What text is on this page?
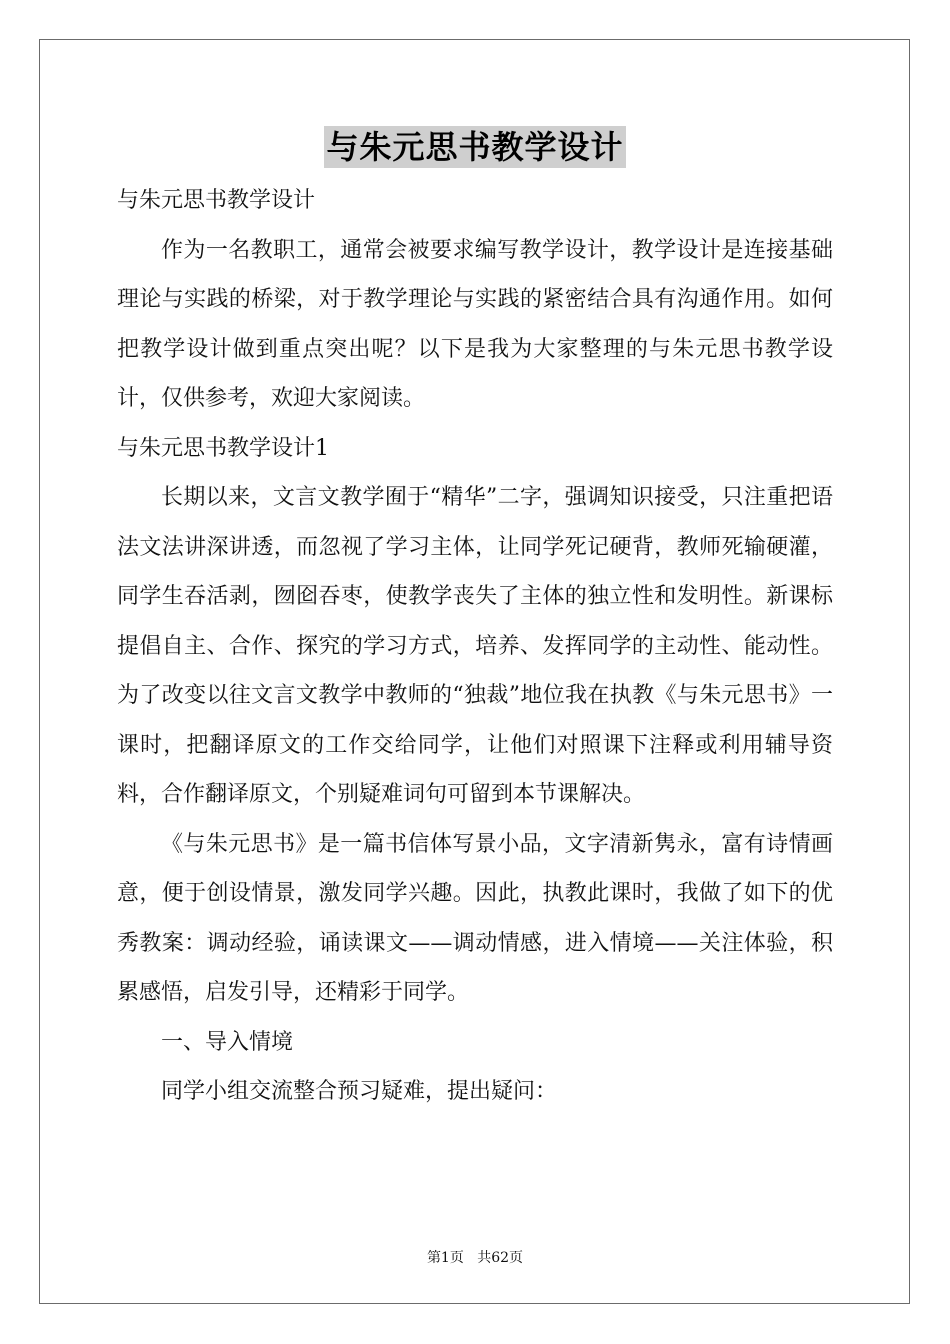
与朱元思书教学设计

与朱元思书教学设计

作为一名教职工，通常会被要求编写教学设计，教学设计是连接基础理论与实践的桥梁，对于教学理论与实践的紧密结合具有沟通作用。如何把教学设计做到重点突出呢？以下是我为大家整理的与朱元思书教学设计，仅供参考，欢迎大家阅读。

与朱元思书教学设计1

长期以来，文言文教学囿于“精华”二字，强调知识接受，只注重把语法文法讲深讲透，而忽视了学习主体，让同学死记硬背，教师死输硬灌，同学生吞活剥，囫囵吞枣，使教学丧失了主体的独立性和发明性。新课标提倡自主、合作、探究的学习方式，培养、发挥同学的主动性、能动性。为了改变以往文言文教学中教师的“独裁”地位我在执教《与朱元思书》一课时，把翻译原文的工作交给同学，让他们对照课下注释或利用辅导资料，合作翻译原文，个别疑难词句可留到本节课解决。

《与朱元思书》是一篇书信体写景小品，文字清新隽永，富有诗情画意，便于创设情景，激发同学兴趣。因此，执教此课时，我做了如下的优秀教案：调动经验，诵读课文——调动情感，进入情境——关注体验，积累感悟，启发引导，还精彩于同学。

一、导入情境

同学小组交流整合预习疑难，提出疑问：

第1页 共62页
